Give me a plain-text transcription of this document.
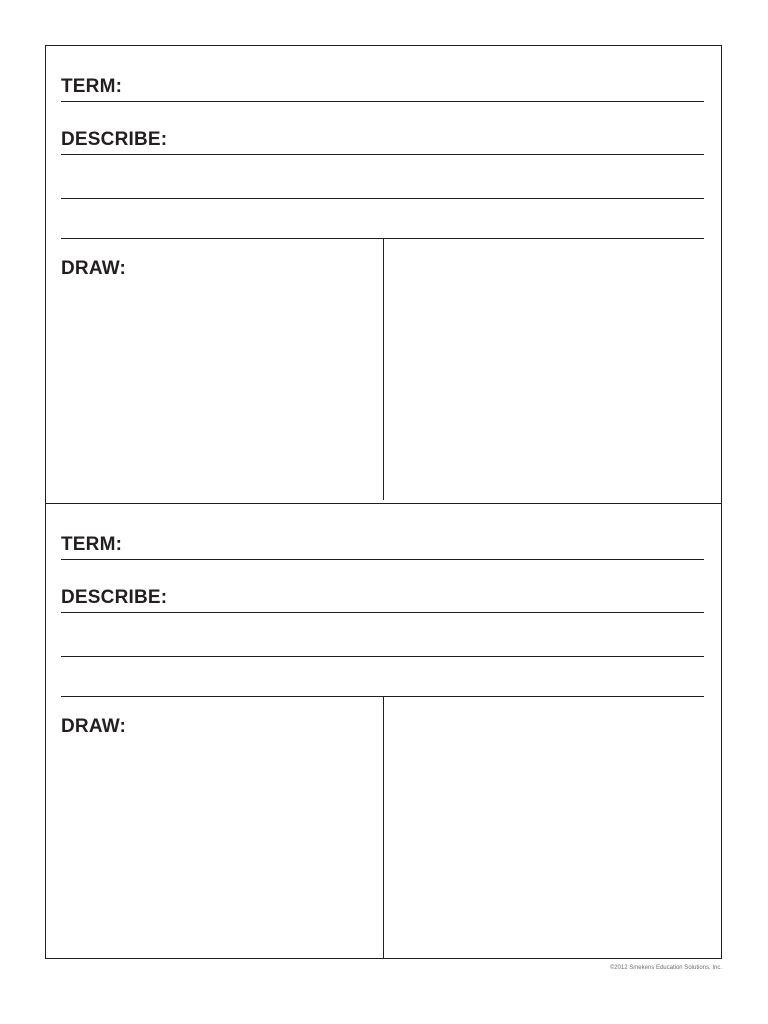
TERM:
DESCRIBE:
DRAW:
TERM:
DESCRIBE:
DRAW:
©2012 Smekens Education Solutions, Inc.
